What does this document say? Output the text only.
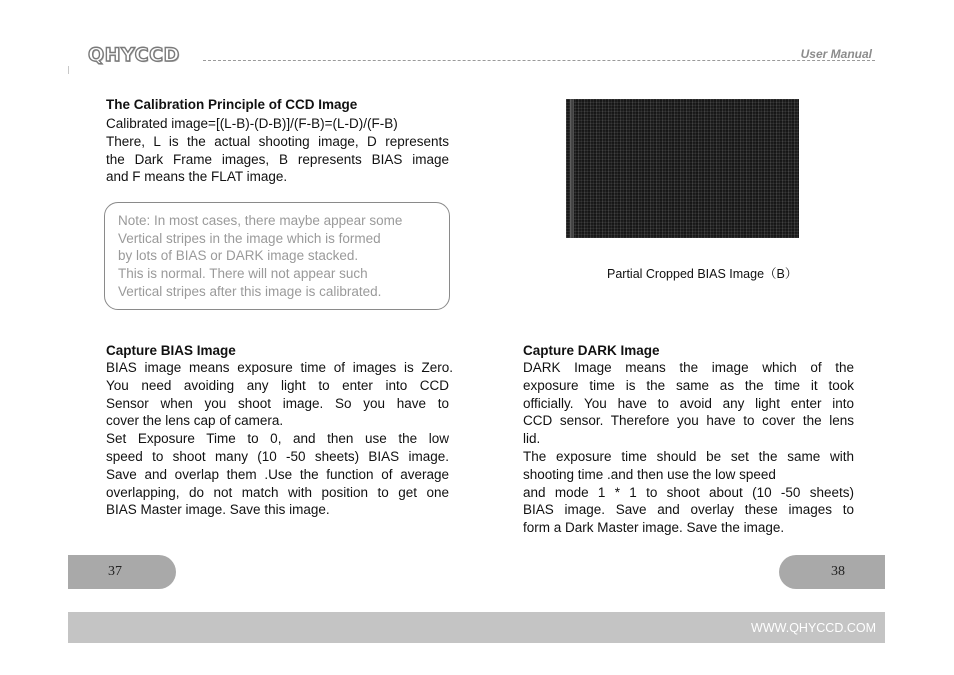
QHYCCD	User Manual
The Calibration Principle of CCD Image
Calibrated image=[(L-B)-(D-B)]/(F-B)=(L-D)/(F-B)
There, L is the actual shooting image, D represents
the Dark Frame images, B represents BIAS image
and F means the FLAT image.
Note: In most cases, there maybe appear some
Vertical stripes in the image which is formed
by lots of BIAS or DARK image stacked.
This is normal. There will not appear such
Vertical stripes after this image is calibrated.
Capture BIAS Image
BIAS image means exposure time of images is Zero.
You need avoiding any light to enter into CCD
Sensor when you shoot image. So you have to
cover the lens cap of camera.
Set Exposure Time to 0, and then use the low
speed to shoot many (10 -50 sheets) BIAS image.
Save and overlap them .Use the function of average
overlapping, do not match with position to get one
BIAS Master image. Save this image.
Partial Cropped BIAS Image（B）
Capture DARK Image
DARK Image means the image which of the
exposure time is the same as the time it took
officially. You have to avoid any light enter into
CCD sensor. Therefore you have to cover the lens
lid.
The exposure time should be set the same with
shooting time .and then use the low speed
and mode 1 * 1 to shoot about (10 -50 sheets)
BIAS image. Save and overlay these images to
form a Dark Master image. Save the image.
37	38
WWW.QHYCCD.COM
